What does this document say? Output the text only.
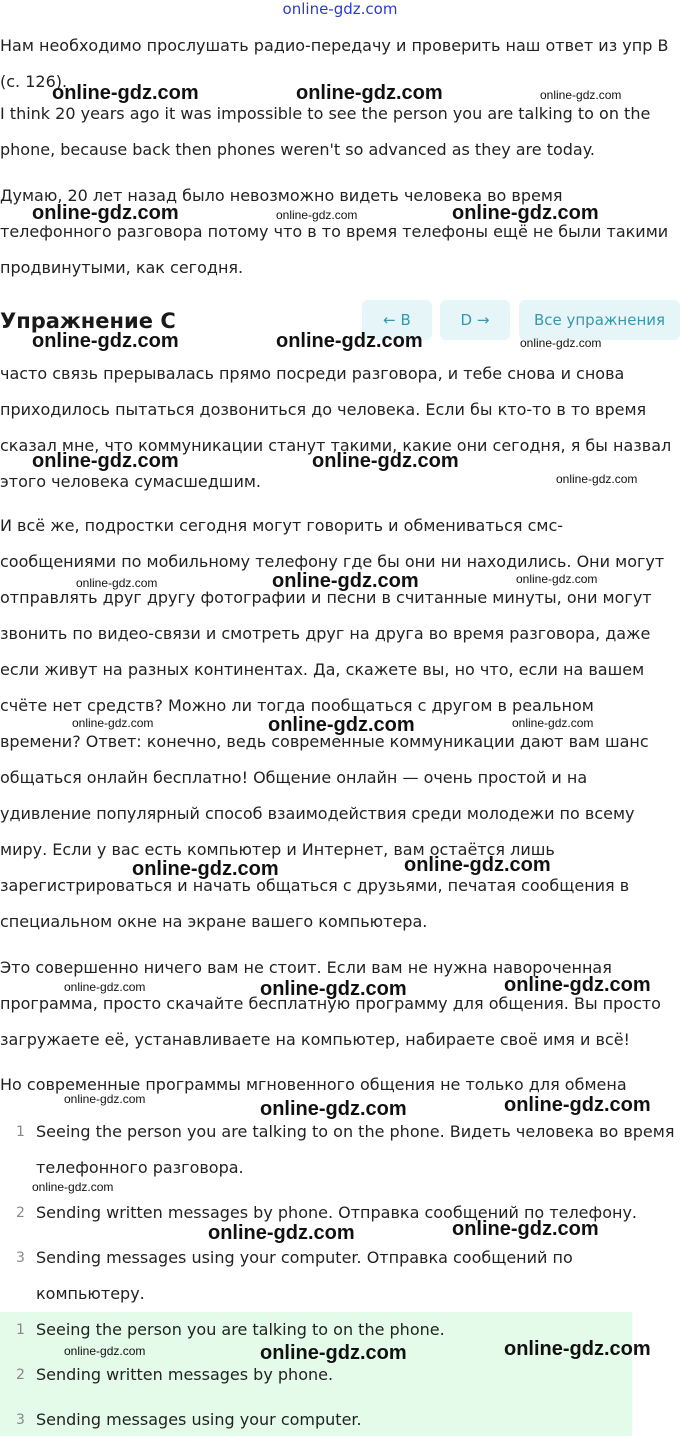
online-gdz.com

Нам необходимо прослушать радио-передачу и проверить наш ответ из упр B (с. 126).

I think 20 years ago it was impossible to see the person you are talking to on the phone, because back then phones weren't so advanced as they are today.

Думаю, 20 лет назад было невозможно видеть человека во время телефонного разговора потому что в то время телефоны ещё не были такими продвинутыми, как сегодня.

Упражнение C	← B	D →	Все упражнения

часто связь прерывалась прямо посреди разговора, и тебе снова и снова приходилось пытаться дозвониться до человека. Если бы кто-то в то время сказал мне, что коммуникации станут такими, какие они сегодня, я бы назвал этого человека сумасшедшим.

И всё же, подростки сегодня могут говорить и обмениваться смс-сообщениями по мобильному телефону где бы они ни находились. Они могут отправлять друг другу фотографии и песни в считанные минуты, они могут звонить по видео-связи и смотреть друг на друга во время разговора, даже если живут на разных континентах. Да, скажете вы, но что, если на вашем счёте нет средств? Можно ли тогда пообщаться с другом в реальном времени? Ответ: конечно, ведь современные коммуникации дают вам шанс общаться онлайн бесплатно! Общение онлайн — очень простой и на удивление популярный способ взаимодействия среди молодежи по всему миру. Если у вас есть компьютер и Интернет, вам остаётся лишь зарегистрироваться и начать общаться с друзьями, печатая сообщения в специальном окне на экране вашего компьютера.

Это совершенно ничего вам не стоит. Если вам не нужна навороченная программа, просто скачайте бесплатную программу для общения. Вы просто загружаете её, устанавливаете на компьютер, набираете своё имя и всё!

Но современные программы мгновенного общения не только для обмена

1 Seeing the person you are talking to on the phone. Видеть человека во время телефонного разговора.
2 Sending written messages by phone. Отправка сообщений по телефону.
3 Sending messages using your computer. Отправка сообщений по компьютеру.
1 Seeing the person you are talking to on the phone.
2 Sending written messages by phone.
3 Sending messages using your computer.
online-gdz.com	online-gdz.com	online-gdz.com
online-gdz.com	online-gdz.com	online-gdz.com
online-gdz.com	online-gdz.com	online-gdz.com
online-gdz.com	online-gdz.com
online-gdz.com
online-gdz.com	online-gdz.com	online-gdz.com
online-gdz.com	online-gdz.com	online-gdz.com
online-gdz.com	online-gdz.com
online-gdz.com	online-gdz.com	online-gdz.com
online-gdz.com	online-gdz.com	online-gdz.com
online-gdz.com
online-gdz.com	online-gdz.com
online-gdz.com	online-gdz.com	online-gdz.com
